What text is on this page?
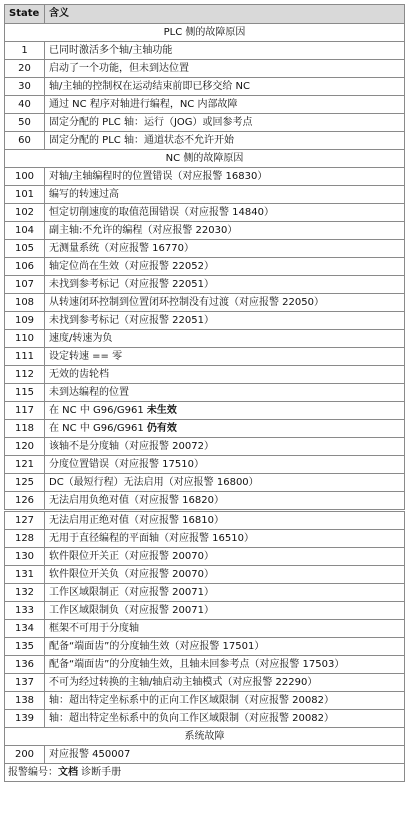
State	含义
PLC 侧的故障原因	
1	已同时激活多个轴/主轴功能
20	启动了一个功能，但未到达位置
30	轴/主轴的控制权在运动结束前即已移交给 NC
40	通过 NC 程序对轴进行编程，NC 内部故障
50	固定分配的 PLC 轴：运行（JOG）或回参考点
60	固定分配的 PLC 轴：通道状态不允许开始
NC 侧的故障原因	
100	对轴/主轴编程时的位置错误（对应报警 16830）
101	编写的转速过高
102	恒定切削速度的取值范围错误（对应报警 14840）
104	副主轴:不允许的编程（对应报警 22030）
105	无测量系统（对应报警 16770）
106	轴定位尚在生效（对应报警 22052）
107	未找到参考标记（对应报警 22051）
108	从转速闭环控制到位置闭环控制没有过渡（对应报警 22050）
109	未找到参考标记（对应报警 22051）
110	速度/转速为负
111	设定转速 == 零
112	无效的齿轮档
115	未到达编程的位置
117	在 NC 中 G96/G961 未生效
118	在 NC 中 G96/G961 仍有效
120	该轴不是分度轴（对应报警 20072）
121	分度位置错误（对应报警 17510）
125	DC（最短行程）无法启用（对应报警 16800）
126	无法启用负绝对值（对应报警 16820）
127	无法启用正绝对值（对应报警 16810）
128	无用于直径编程的平面轴（对应报警 16510）
130	软件限位开关正（对应报警 20070）
131	软件限位开关负（对应报警 20070）
132	工作区域限制正（对应报警 20071）
133	工作区域限制负（对应报警 20071）
134	框架不可用于分度轴
135	配备“端面齿”的分度轴生效（对应报警 17501）
136	配备“端面齿”的分度轴生效，且轴未回参考点（对应报警 17503）
137	不可为经过转换的主轴/轴启动主轴模式（对应报警 22290）
138	轴：超出特定坐标系中的正向工作区域限制（对应报警 20082）
139	轴：超出特定坐标系中的负向工作区域限制（对应报警 20082）
系统故障	
200	对应报警 450007
报警编号：文档 诊断手册	
